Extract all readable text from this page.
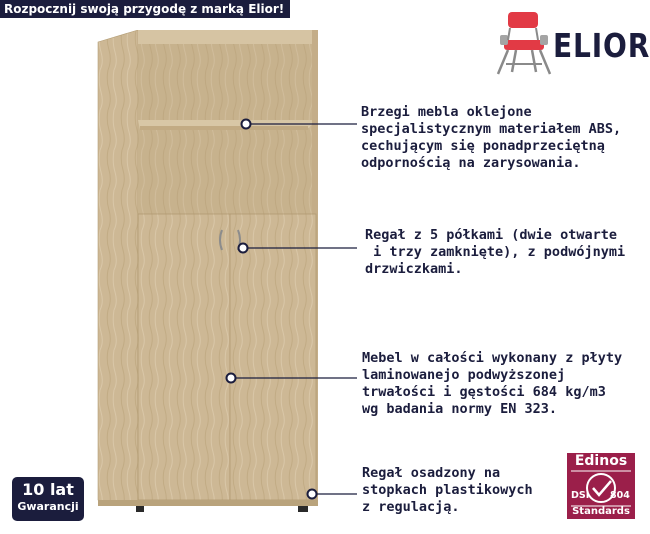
Rozpocznij swoją przygodę z marką Elior!
ELIOR
Brzegi mebla oklejone
specjalistycznym materiałem ABS,
cechującym się ponadprzeciętną
odpornością na zarysowania.
Regał z 5 półkami (dwie otwarte
i trzy zamknięte), z podwójnymi
drzwiczkami.
Mebel w całości wykonany z płyty
laminowanejo podwyższonej
trwałości i gęstości 684 kg/m3
wg badania normy EN 323.
Regał osadzony na
stopkach plastikowych
z regulacją.
10 lat
Gwarancji
Edinos
DSI 804
Standards
